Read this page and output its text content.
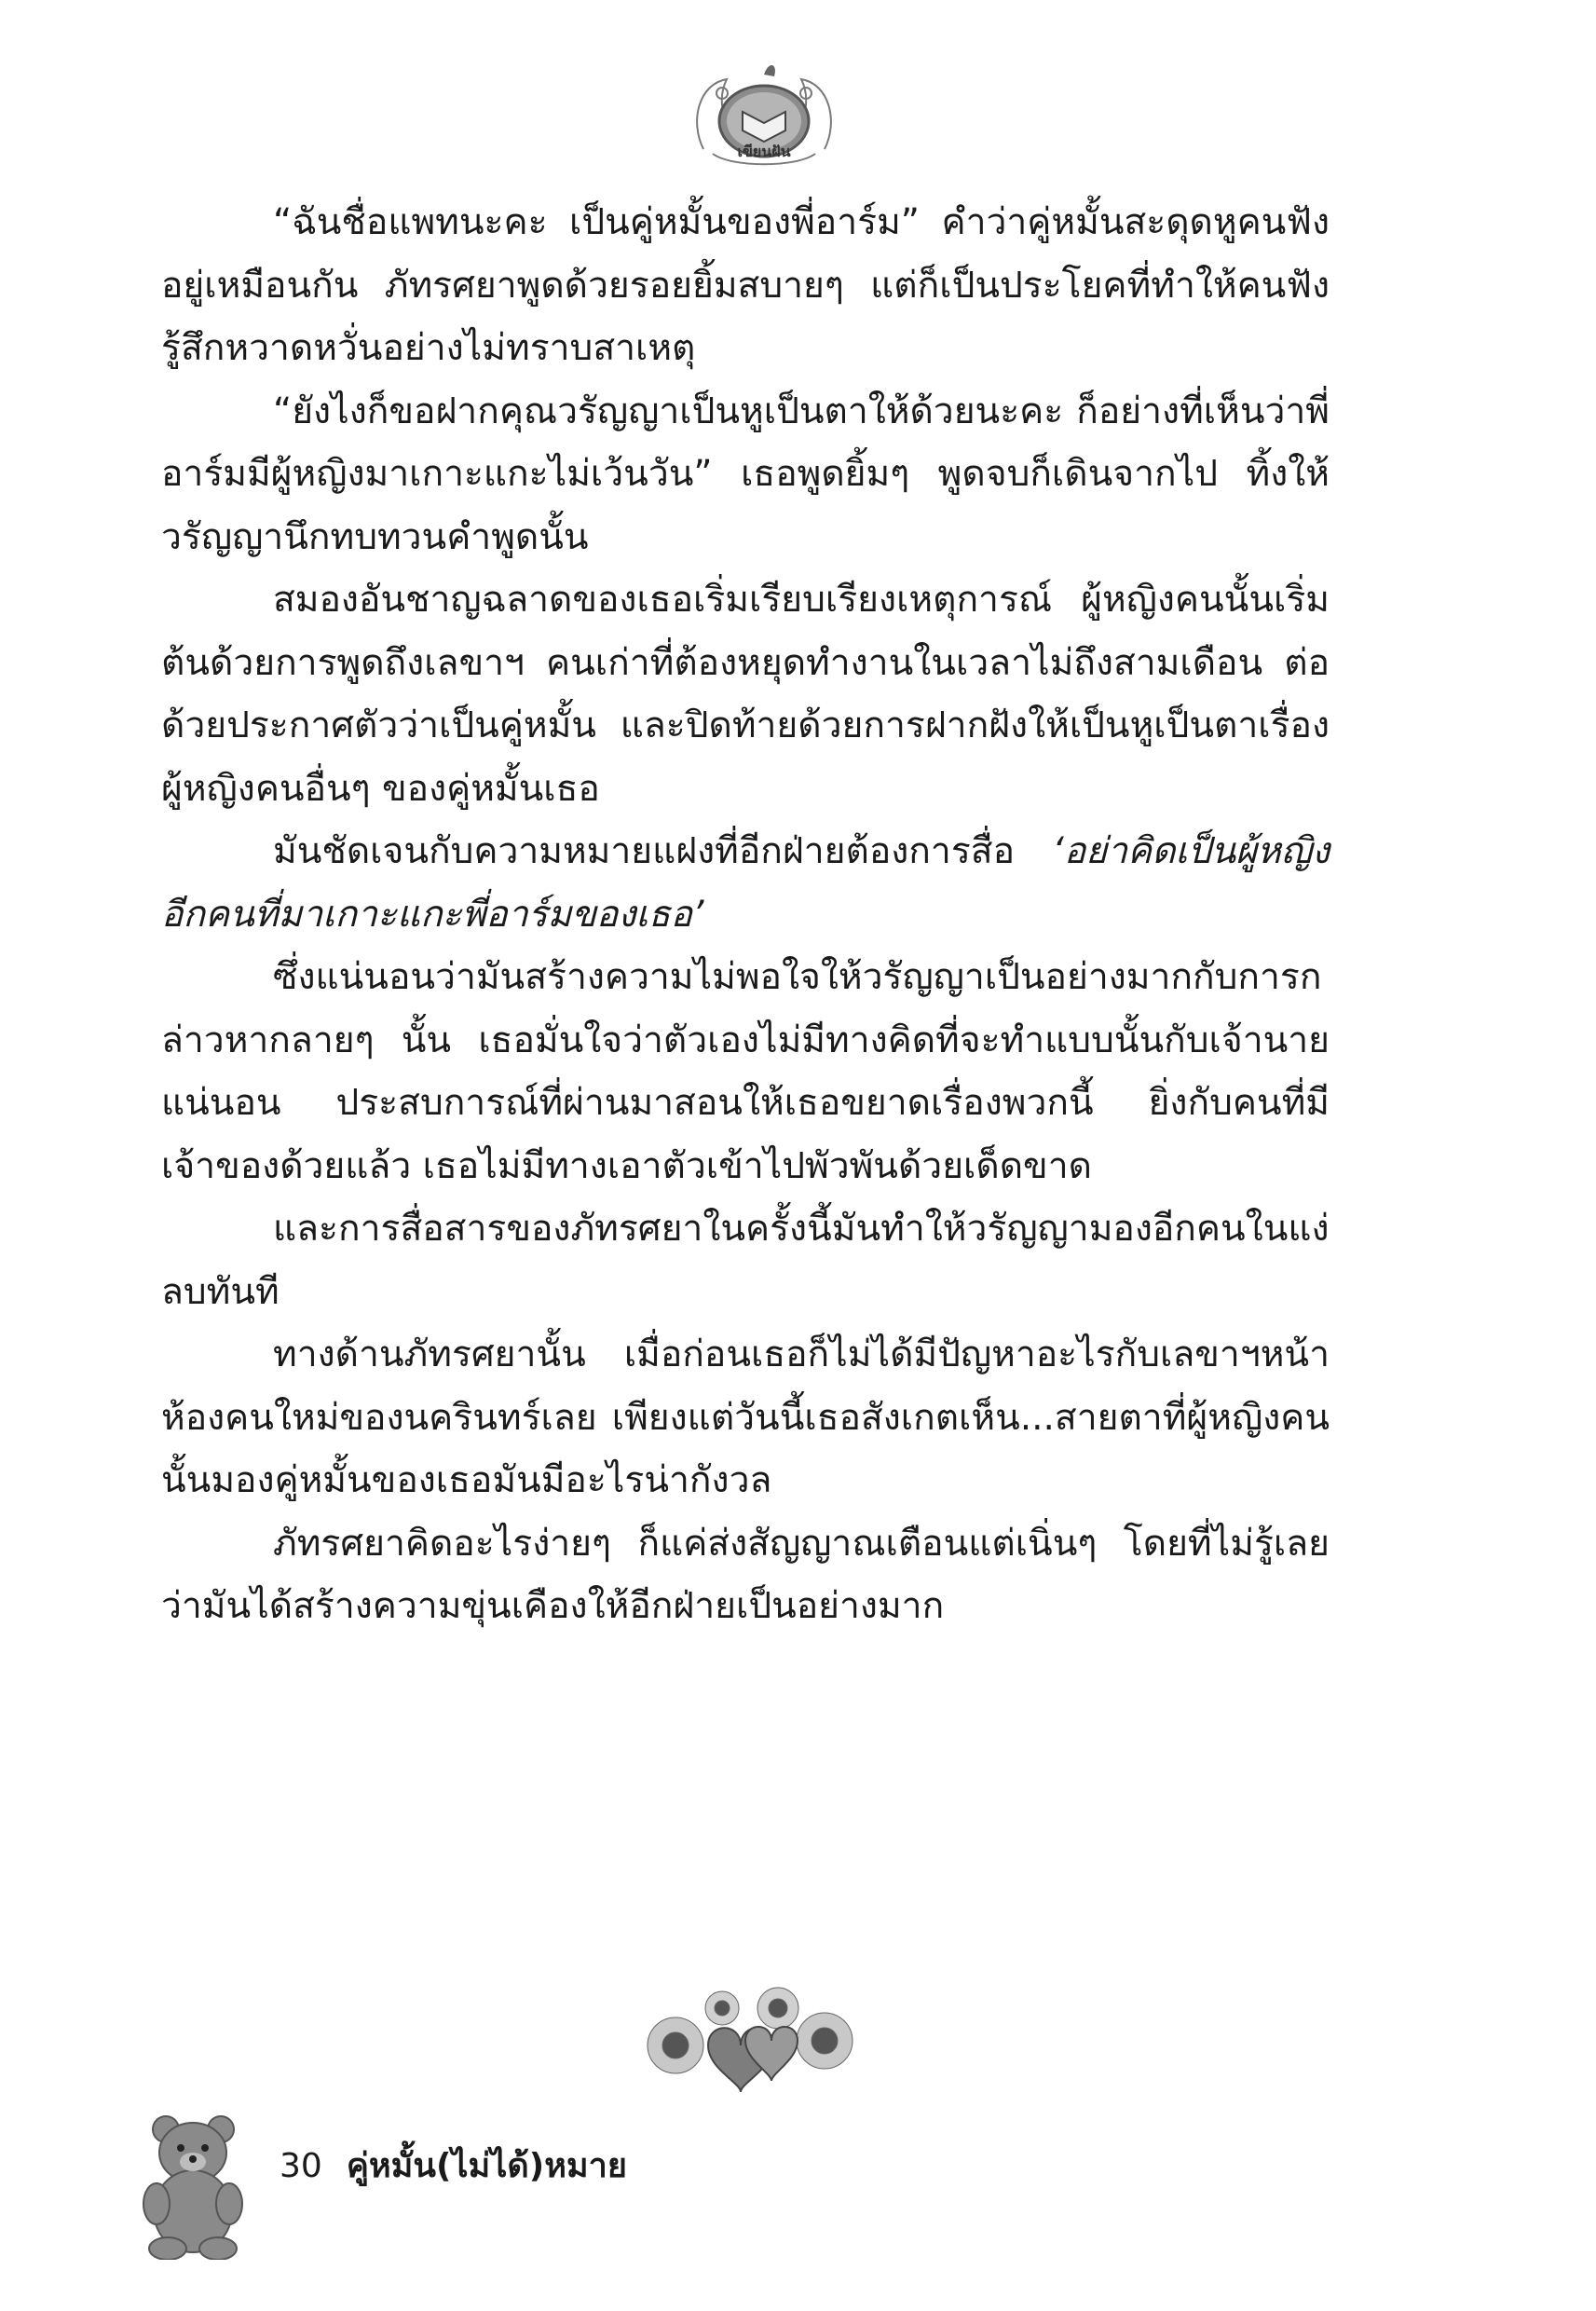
เขียนฝัน

“ฉันชื่อแพทนะคะ เป็นคู่หมั้นของพี่อาร์ม” คำว่าคู่หมั้นสะดุดหูคนฟังอยู่เหมือนกัน ภัทรศยาพูดด้วยรอยยิ้มสบายๆ แต่ก็เป็นประโยคที่ทำให้คนฟังรู้สึกหวาดหวั่นอย่างไม่ทราบสาเหตุ

“ยังไงก็ขอฝากคุณวรัญญาเป็นหูเป็นตาให้ด้วยนะคะ ก็อย่างที่เห็นว่าพี่อาร์มมีผู้หญิงมาเกาะแกะไม่เว้นวัน” เธอพูดยิ้มๆ พูดจบก็เดินจากไป ทิ้งให้วรัญญานึกทบทวนคำพูดนั้น

สมองอันชาญฉลาดของเธอเริ่มเรียบเรียงเหตุการณ์ ผู้หญิงคนนั้นเริ่มต้นด้วยการพูดถึงเลขาฯ คนเก่าที่ต้องหยุดทำงานในเวลาไม่ถึงสามเดือน ต่อด้วยประกาศตัวว่าเป็นคู่หมั้น และปิดท้ายด้วยการฝากฝังให้เป็นหูเป็นตาเรื่องผู้หญิงคนอื่นๆ ของคู่หมั้นเธอ

มันชัดเจนกับความหมายแฝงที่อีกฝ่ายต้องการสื่อ ‘อย่าคิดเป็นผู้หญิงอีกคนที่มาเกาะแกะพี่อาร์มของเธอ’

ซึ่งแน่นอนว่ามันสร้างความไม่พอใจให้วรัญญาเป็นอย่างมากกับการกล่าวหากลายๆ นั้น เธอมั่นใจว่าตัวเองไม่มีทางคิดที่จะทำแบบนั้นกับเจ้านายแน่นอน ประสบการณ์ที่ผ่านมาสอนให้เธอขยาดเรื่องพวกนี้ ยิ่งกับคนที่มีเจ้าของด้วยแล้ว เธอไม่มีทางเอาตัวเข้าไปพัวพันด้วยเด็ดขาด

และการสื่อสารของภัทรศยาในครั้งนี้มันทำให้วรัญญามองอีกคนในแง่ลบทันที

ทางด้านภัทรศยานั้น เมื่อก่อนเธอก็ไม่ได้มีปัญหาอะไรกับเลขาฯหน้าห้องคนใหม่ของนครินทร์เลย เพียงแต่วันนี้เธอสังเกตเห็น...สายตาที่ผู้หญิงคนนั้นมองคู่หมั้นของเธอมันมีอะไรน่ากังวล

ภัทรศยาคิดอะไรง่ายๆ ก็แค่ส่งสัญญาณเตือนแต่เนิ่นๆ โดยที่ไม่รู้เลยว่ามันได้สร้างความขุ่นเคืองให้อีกฝ่ายเป็นอย่างมาก

30 คู่หมั้น(ไม่ได้)หมาย
